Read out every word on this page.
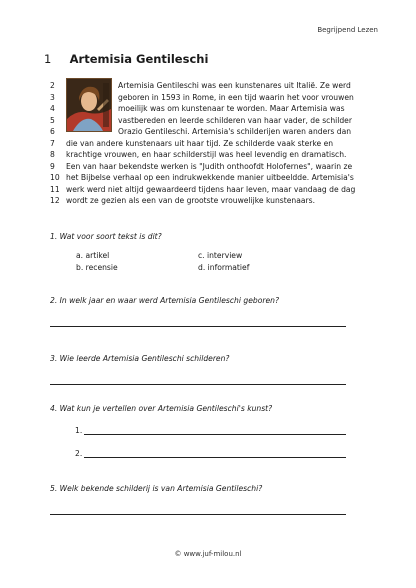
Begrijpend Lezen
1 Artemisia Gentileschi
2	Artemisia Gentileschi was een kunstenares uit Italië. Ze werd
3	geboren in 1593 in Rome, in een tijd waarin het voor vrouwen
4	moeilijk was om kunstenaar te worden. Maar Artemisia was
5	vastbereden en leerde schilderen van haar vader, de schilder
6	Orazio Gentileschi. Artemisia's schilderijen waren anders dan
7	die van andere kunstenaars uit haar tijd. Ze schilderde vaak sterke en
8	krachtige vrouwen, en haar schilderstijl was heel levendig en dramatisch.
9	Een van haar bekendste werken is "Judith onthoofdt Holofernes", waarin ze
10 het Bijbelse verhaal op een indrukwekkende manier uitbeeldde. Artemisia's
11 werk werd niet altijd gewaardeerd tijdens haar leven, maar vandaag de dag
12 wordt ze gezien als een van de grootste vrouwelijke kunstenaars.
1. Wat voor soort tekst is dit?
a. artikel
b. recensie
c. interview
d. informatief
2. In welk jaar en waar werd Artemisia Gentileschi geboren?
3. Wie leerde Artemisia Gentileschi schilderen?
4. Wat kun je vertellen over Artemisia Gentileschi's kunst?
1.
2.
5. Welk bekende schilderij is van Artemisia Gentileschi?
© www.juf-milou.nl
